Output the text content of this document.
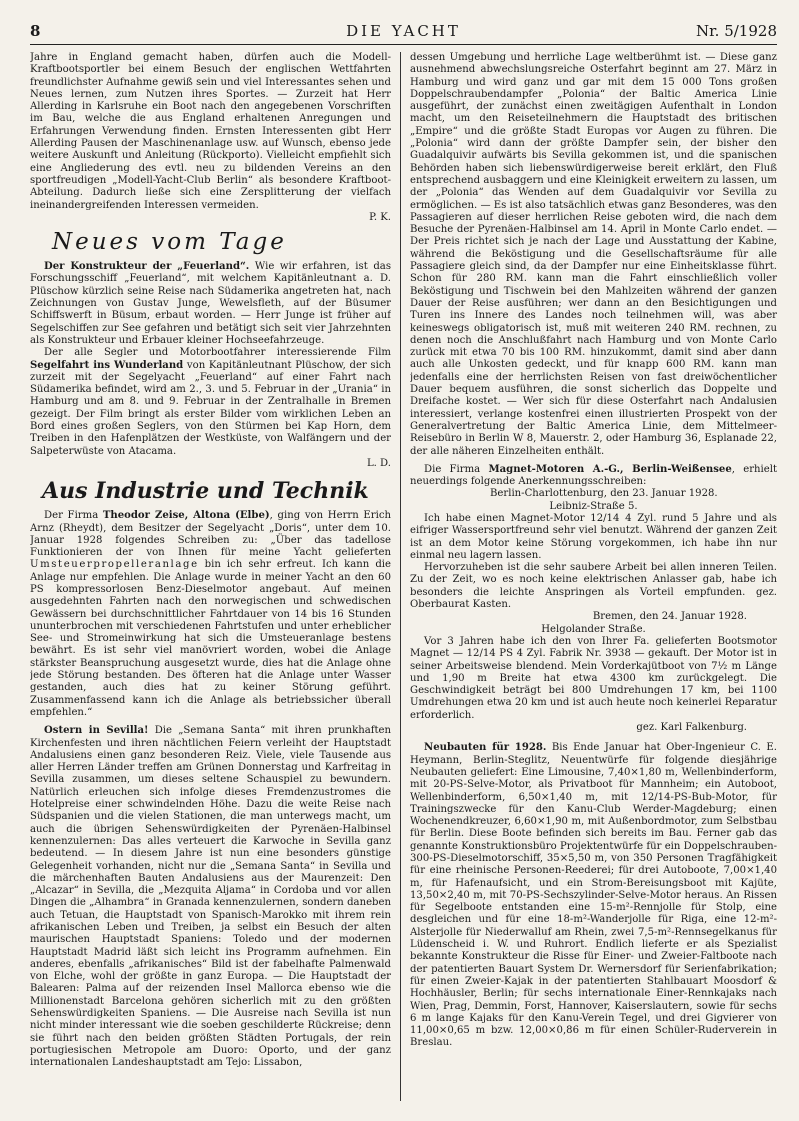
8	DIE YACHT	Nr. 5/1928

Jahre in England gemacht haben, dürfen auch die Modell-Kraftbootsportler bei einem Besuch der englischen Wettfahrten freundlichster Aufnahme gewiß sein und viel Interessantes sehen und Neues lernen, zum Nutzen ihres Sportes. — Zurzeit hat Herr Allerding in Karlsruhe ein Boot nach den angegebenen Vorschriften im Bau, welche die aus England erhaltenen Anregungen und Erfahrungen Verwendung finden. Ernsten Interessenten gibt Herr Allerding Pausen der Maschinenanlage usw. auf Wunsch, ebenso jede weitere Auskunft und Anleitung (Rückporto). Vielleicht empfiehlt sich eine Angliederung des evtl. neu zu bildenden Vereins an den sportfreudigen „Modell-Yacht-Club Berlin“ als besondere Kraftboot-Abteilung. Dadurch ließe sich eine Zersplitterung der vielfach ineinandergreifenden Interessen vermeiden.

P. K.
Neues vom Tage

Der Konstrukteur der „Feuerland“. Wie wir erfahren, ist das Forschungsschiff „Feuerland“, mit welchem Kapitänleutnant a. D. Plüschow kürzlich seine Reise nach Südamerika angetreten hat, nach Zeichnungen von Gustav Junge, Wewelsfleth, auf der Büsumer Schiffswerft in Büsum, erbaut worden. — Herr Junge ist früher auf Segelschiffen zur See gefahren und betätigt sich seit vier Jahrzehnten als Konstrukteur und Erbauer kleiner Hochseefahrzeuge.

Der alle Segler und Motorbootfahrer interessierende Film Segelfahrt ins Wunderland von Kapitänleutnant Plüschow, der sich zurzeit mit der Segelyacht „Feuerland“ auf einer Fahrt nach Südamerika befindet, wird am 2., 3. und 5. Februar in der „Urania“ in Hamburg und am 8. und 9. Februar in der Zentralhalle in Bremen gezeigt. Der Film bringt als erster Bilder vom wirklichen Leben an Bord eines großen Seglers, von den Stürmen bei Kap Horn, dem Treiben in den Hafenplätzen der Westküste, von Walfängern und der Salpeterwüste von Atacama.

L. D.
Aus Industrie und Technik

Der Firma Theodor Zeise, Altona (Elbe), ging von Herrn Erich Arnz (Rheydt), dem Besitzer der Segelyacht „Doris“, unter dem 10. Januar 1928 folgendes Schreiben zu: „Über das tadellose Funktionieren der von Ihnen für meine Yacht gelieferten Umsteuerpropelleranlage bin ich sehr erfreut. Ich kann die Anlage nur empfehlen. Die Anlage wurde in meiner Yacht an den 60 PS kompressorlosen Benz-Dieselmotor angebaut. Auf meinen ausgedehnten Fahrten nach den norwegischen und schwedischen Gewässern bei durchschnittlicher Fahrtdauer von 14 bis 16 Stunden ununterbrochen mit verschiedenen Fahrtstufen und unter erheblicher See- und Stromeinwirkung hat sich die Umsteueranlage bestens bewährt. Es ist sehr viel manövriert worden, wobei die Anlage stärkster Beanspruchung ausgesetzt wurde, dies hat die Anlage ohne jede Störung bestanden. Des öfteren hat die Anlage unter Wasser gestanden, auch dies hat zu keiner Störung geführt. Zusammenfassend kann ich die Anlage als betriebssicher überall empfehlen.“

Ostern in Sevilla! Die „Semana Santa“ mit ihren prunkhaften Kirchenfesten und ihren nächtlichen Feiern verleiht der Hauptstadt Andalusiens einen ganz besonderen Reiz. Viele, viele Tausende aus aller Herren Länder treffen am Grünen Donnerstag und Karfreitag in Sevilla zusammen, um dieses seltene Schauspiel zu bewundern. Natürlich erleuchen sich infolge dieses Fremdenzustromes die Hotelpreise einer schwindelnden Höhe. Dazu die weite Reise nach Südspanien und die vielen Stationen, die man unterwegs macht, um auch die übrigen Sehenswürdigkeiten der Pyrenäen-Halbinsel kennenzulernen: Das alles verteuert die Karwoche in Sevilla ganz bedeutend. — In diesem Jahre ist nun eine besonders günstige Gelegenheit vorhanden, nicht nur die „Semana Santa“ in Sevilla und die märchenhaften Bauten Andalusiens aus der Maurenzeit: Den „Alcazar“ in Sevilla, die „Mezquita Aljama“ in Cordoba und vor allen Dingen die „Alhambra“ in Granada kennenzulernen, sondern daneben auch Tetuan, die Hauptstadt von Spanisch-Marokko mit ihrem rein afrikanischen Leben und Treiben, ja selbst ein Besuch der alten maurischen Hauptstadt Spaniens: Toledo und der modernen Hauptstadt Madrid läßt sich leicht ins Programm aufnehmen. Ein anderes, ebenfalls „afrikanisches“ Bild ist der fabelhafte Palmenwald von Elche, wohl der größte in ganz Europa. — Die Hauptstadt der Balearen: Palma auf der reizenden Insel Mallorca ebenso wie die Millionenstadt Barcelona gehören sicherlich mit zu den größten Sehenswürdigkeiten Spaniens. — Die Ausreise nach Sevilla ist nun nicht minder interessant wie die soeben geschilderte Rückreise; denn sie führt nach den beiden größten Städten Portugals, der rein portugiesischen Metropole am Duoro: Oporto, und der ganz internationalen Landeshauptstadt am Tejo: Lissabon,

dessen Umgebung und herrliche Lage weltberühmt ist. — Diese ganz ausnehmend abwechslungsreiche Osterfahrt beginnt am 27. März in Hamburg und wird ganz und gar mit dem 15 000 Tons großen Doppelschraubendampfer „Polonia“ der Baltic America Linie ausgeführt, der zunächst einen zweitägigen Aufenthalt in London macht, um den Reiseteilnehmern die Hauptstadt des britischen „Empire“ und die größte Stadt Europas vor Augen zu führen. Die „Polonia“ wird dann der größte Dampfer sein, der bisher den Guadalquivir aufwärts bis Sevilla gekommen ist, und die spanischen Behörden haben sich liebenswürdigerweise bereit erklärt, den Fluß entsprechend ausbaggern und eine Kleinigkeit erweitern zu lassen, um der „Polonia“ das Wenden auf dem Guadalquivir vor Sevilla zu ermöglichen. — Es ist also tatsächlich etwas ganz Besonderes, was den Passagieren auf dieser herrlichen Reise geboten wird, die nach dem Besuche der Pyrenäen-Halbinsel am 14. April in Monte Carlo endet. — Der Preis richtet sich je nach der Lage und Ausstattung der Kabine, während die Beköstigung und die Gesellschaftsräume für alle Passagiere gleich sind, da der Dampfer nur eine Einheitsklasse führt. Schon für 280 RM. kann man die Fahrt einschließlich voller Beköstigung und Tischwein bei den Mahlzeiten während der ganzen Dauer der Reise ausführen; wer dann an den Besichtigungen und Turen ins Innere des Landes noch teilnehmen will, was aber keineswegs obligatorisch ist, muß mit weiteren 240 RM. rechnen, zu denen noch die Anschlußfahrt nach Hamburg und von Monte Carlo zurück mit etwa 70 bis 100 RM. hinzukommt, damit sind aber dann auch alle Unkosten gedeckt, und für knapp 600 RM. kann man jedenfalls eine der herrlichsten Reisen von fast dreiwöchentlicher Dauer bequem ausführen, die sonst sicherlich das Doppelte und Dreifache kostet. — Wer sich für diese Osterfahrt nach Andalusien interessiert, verlange kostenfrei einen illustrierten Prospekt von der Generalvertretung der Baltic America Linie, dem Mittelmeer-Reisebüro in Berlin W 8, Mauerstr. 2, oder Hamburg 36, Esplanade 22, der alle näheren Einzelheiten enthält.

Die Firma Magnet-Motoren A.-G., Berlin-Weißensee, erhielt neuerdings folgende Anerkennungsschreiben:

Berlin-Charlottenburg, den 23. Januar 1928.
Leibniz-Straße 5.

Ich habe einen Magnet-Motor 12/14 4 Zyl. rund 5 Jahre und als eifriger Wassersportfreund sehr viel benutzt. Während der ganzen Zeit ist an dem Motor keine Störung vorgekommen, ich habe ihn nur einmal neu lagern lassen.

Hervorzuheben ist die sehr saubere Arbeit bei allen inneren Teilen. Zu der Zeit, wo es noch keine elektrischen Anlasser gab, habe ich besonders die leichte Anspringen als Vorteil empfunden. gez. Oberbaurat Kasten.

Bremen, den 24. Januar 1928.
Helgolander Straße.

Vor 3 Jahren habe ich den von Ihrer Fa. gelieferten Bootsmotor Magnet — 12/14 PS 4 Zyl. Fabrik Nr. 3938 — gekauft. Der Motor ist in seiner Arbeitsweise blendend. Mein Vorderkajütboot von 7½ m Länge und 1,90 m Breite hat etwa 4300 km zurückgelegt. Die Geschwindigkeit beträgt bei 800 Umdrehungen 17 km, bei 1100 Umdrehungen etwa 20 km und ist auch heute noch keinerlei Reparatur erforderlich.

gez. Karl Falkenburg.

Neubauten für 1928. Bis Ende Januar hat Ober-Ingenieur C. E. Heymann, Berlin-Steglitz, Neuentwürfe für folgende diesjährige Neubauten geliefert: Eine Limousine, 7,40×1,80 m, Wellenbinderform, mit 20-PS-Selve-Motor, als Privatboot für Mannheim; ein Autoboot, Wellenbinderform, 6,50×1,40 m, mit 12/14-PS-Bub-Motor, für Trainingszwecke für den Kanu-Club Werder-Magdeburg; einen Wochenendkreuzer, 6,60×1,90 m, mit Außenbordmotor, zum Selbstbau für Berlin. Diese Boote befinden sich bereits im Bau. Ferner gab das genannte Konstruktionsbüro Projektentwürfe für ein Doppelschrauben-300-PS-Dieselmotorschiff, 35×5,50 m, von 350 Personen Tragfähigkeit für eine rheinische Personen-Reederei; für drei Autoboote, 7,00×1,40 m, für Hafenaufsicht, und ein Strom-Bereisungsboot mit Kajüte, 13,50×2,40 m, mit 70-PS-Sechszylinder-Selve-Motor heraus. An Rissen für Segelboote entstanden eine 15-m²-Rennjolle für Stolp, eine desgleichen und für eine 18-m²-Wanderjolle für Riga, eine 12-m²-Alsterjolle für Niederwalluf am Rhein, zwei 7,5-m²-Rennsegelkanus für Lüdenscheid i. W. und Ruhrort. Endlich lieferte er als Spezialist bekannte Konstrukteur die Risse für Einer- und Zweier-Faltboote nach der patentierten Bauart System Dr. Wernersdorf für Serienfabrikation; für einen Zweier-Kajak in der patentierten Stahlbauart Moosdorf & Hochhäusler, Berlin; für sechs internationale Einer-Rennkajaks nach Wien, Prag, Demmin, Forst, Hannover, Kaiserslautern, sowie für sechs 6 m lange Kajaks für den Kanu-Verein Tegel, und drei Gigvierer von 11,00×0,65 m bzw. 12,00×0,86 m für einen Schüler-Ruderverein in Breslau.
